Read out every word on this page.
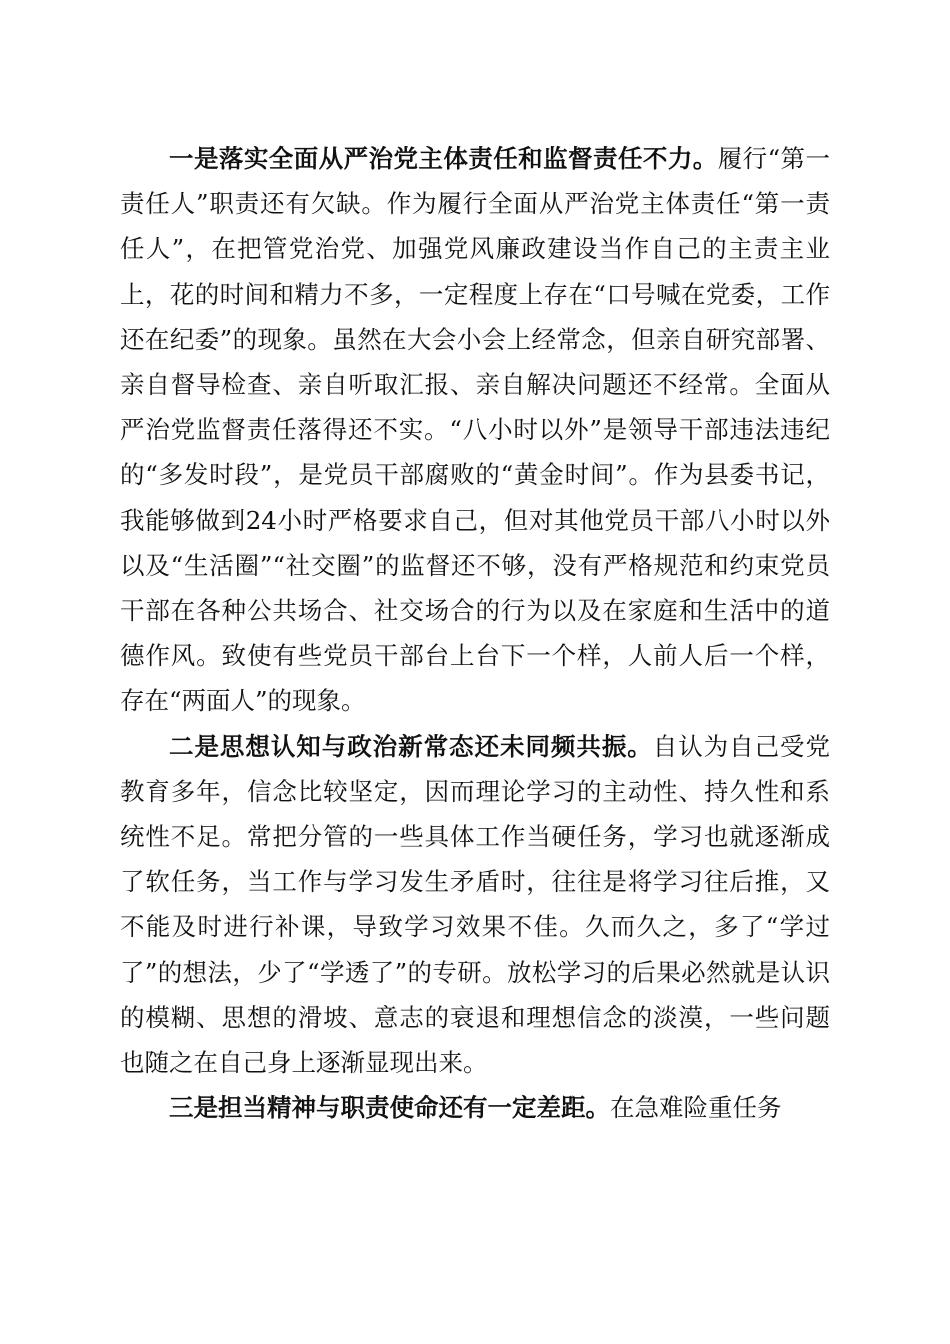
一是落实全面从严治党主体责任和监督责任不力。履行“第一责任人”职责还有欠缺。作为履行全面从严治党主体责任“第一责任人”，在把管党治党、加强党风廉政建设当作自己的主责主业上，花的时间和精力不多，一定程度上存在“口号喊在党委，工作还在纪委”的现象。虽然在大会小会上经常念，但亲自研究部署、亲自督导检查、亲自听取汇报、亲自解决问题还不经常。全面从严治党监督责任落得还不实。“八小时以外”是领导干部违法违纪的“多发时段”，是党员干部腐败的“黄金时间”。作为县委书记，我能够做到24小时严格要求自己，但对其他党员干部八小时以外以及“生活圈”“社交圈”的监督还不够，没有严格规范和约束党员干部在各种公共场合、社交场合的行为以及在家庭和生活中的道德作风。致使有些党员干部台上台下一个样，人前人后一个样，存在“两面人”的现象。

二是思想认知与政治新常态还未同频共振。自认为自己受党教育多年，信念比较坚定，因而理论学习的主动性、持久性和系统性不足。常把分管的一些具体工作当硬任务，学习也就逐渐成了软任务，当工作与学习发生矛盾时，往往是将学习往后推，又不能及时进行补课，导致学习效果不佳。久而久之，多了“学过了”的想法，少了“学透了”的专研。放松学习的后果必然就是认识的模糊、思想的滑坡、意志的衰退和理想信念的淡漠，一些问题也随之在自己身上逐渐显现出来。

三是担当精神与职责使命还有一定差距。在急难险重任务
